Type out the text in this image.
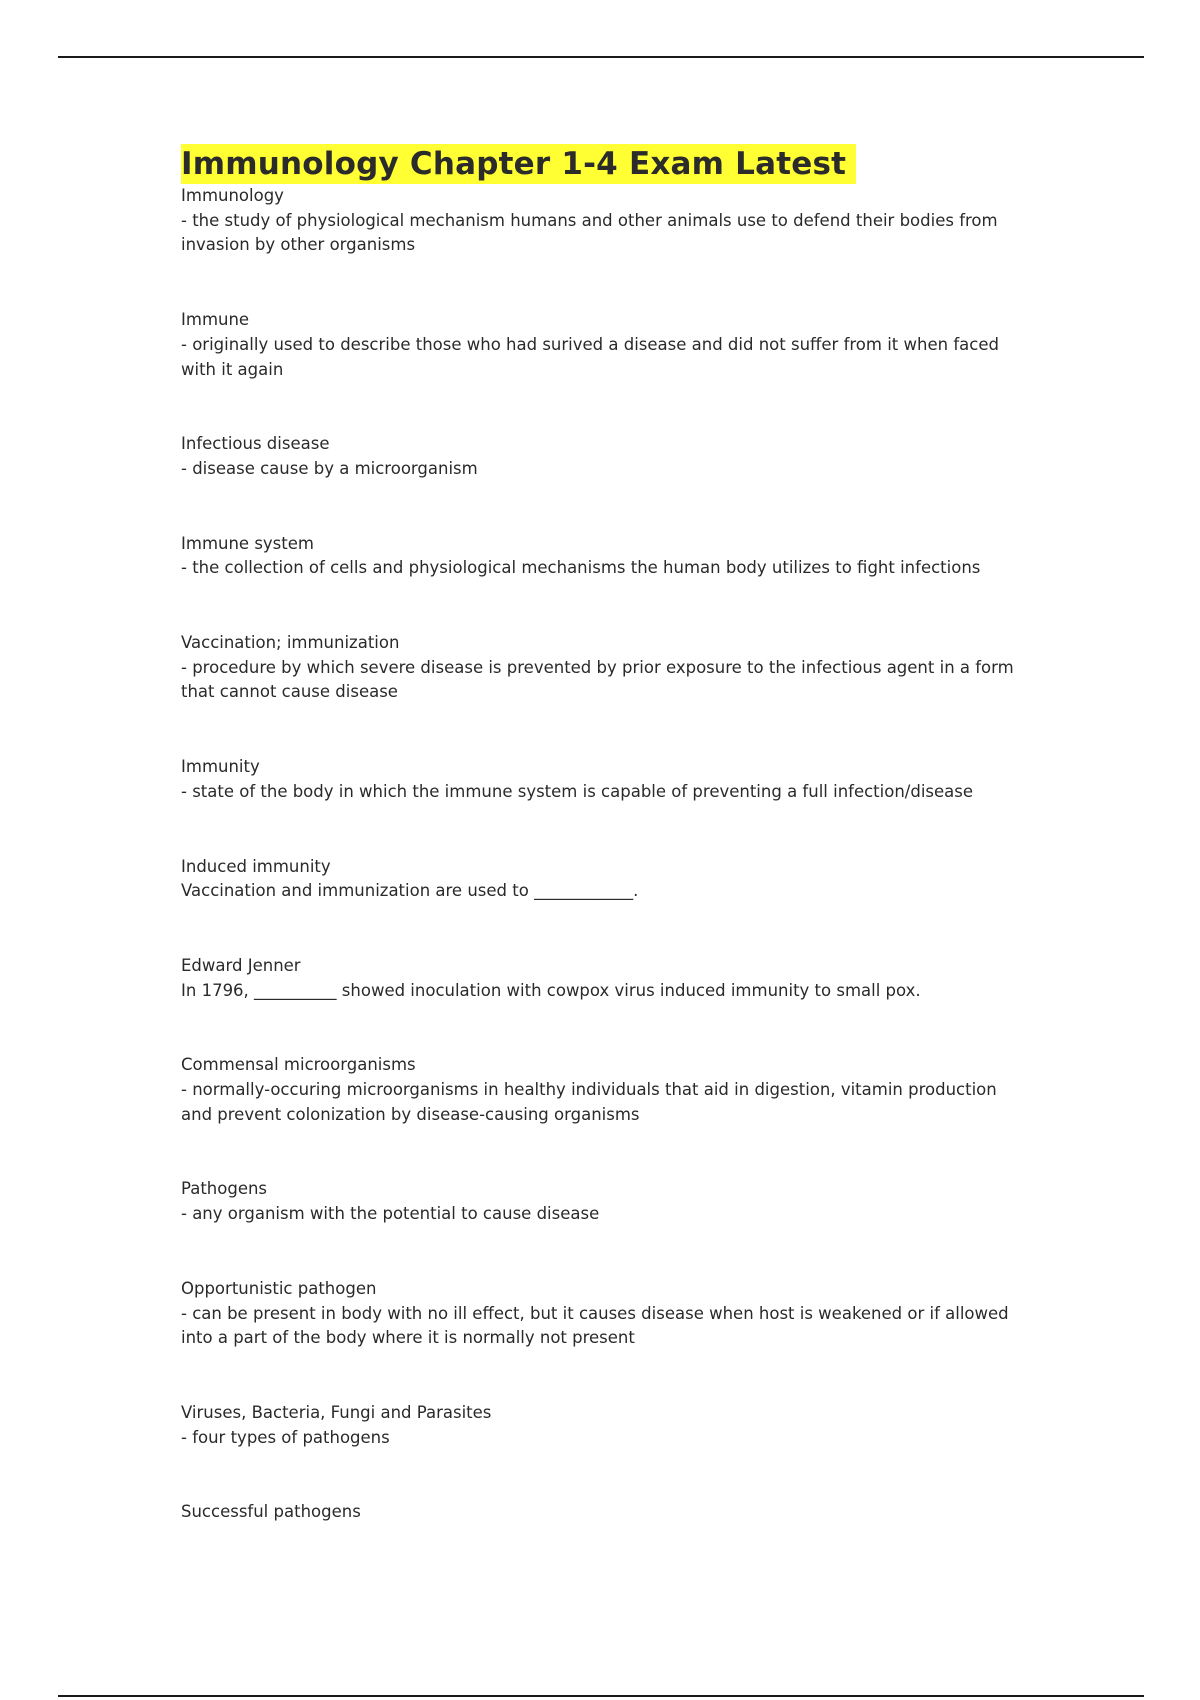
Immunology Chapter 1-4 Exam Latest
Immunology
- the study of physiological mechanism humans and other animals use to defend their bodies from invasion by other organisms
Immune
- originally used to describe those who had surived a disease and did not suffer from it when faced with it again
Infectious disease
- disease cause by a microorganism
Immune system
- the collection of cells and physiological mechanisms the human body utilizes to fight infections
Vaccination; immunization
- procedure by which severe disease is prevented by prior exposure to the infectious agent in a form that cannot cause disease
Immunity
- state of the body in which the immune system is capable of preventing a full infection/disease
Induced immunity
Vaccination and immunization are used to ____________.
Edward Jenner
In 1796, __________ showed inoculation with cowpox virus induced immunity to small pox.
Commensal microorganisms
- normally-occuring microorganisms in healthy individuals that aid in digestion, vitamin production and prevent colonization by disease-causing organisms
Pathogens
- any organism with the potential to cause disease
Opportunistic pathogen
- can be present in body with no ill effect, but it causes disease when host is weakened or if allowed into a part of the body where it is normally not present
Viruses, Bacteria, Fungi and Parasites
- four types of pathogens
Successful pathogens
